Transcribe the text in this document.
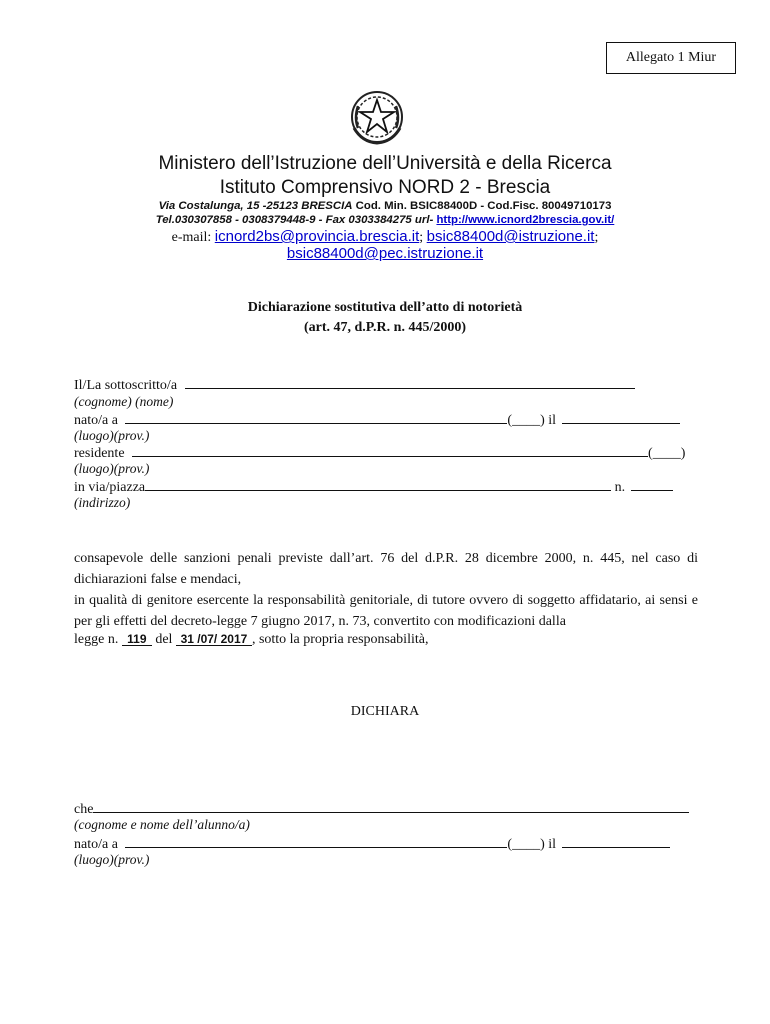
Allegato 1 Miur
Ministero dell’Istruzione dell’Università e della Ricerca
Istituto Comprensivo NORD 2 - Brescia
Via Costalunga, 15 -25123 BRESCIA Cod. Min. BSIC88400D - Cod.Fisc. 80049710173
Tel.030307858 - 0308379448-9 - Fax 0303384275 url- http://www.icnord2brescia.gov.it/
e-mail: icnord2bs@provincia.brescia.it; bsic88400d@istruzione.it;
bsic88400d@pec.istruzione.it
Dichiarazione sostitutiva dell’atto di notorietà
(art. 47, d.P.R. n. 445/2000)
Il/La sottoscritto/a
(cognome) (nome)
nato/a a	(____) il
(luogo)(prov.)
residente	(____)
(luogo)(prov.)
in via/piazza	n.
(indirizzo)
consapevole delle sanzioni penali previste dall’art. 76 del d.P.R. 28 dicembre 2000, n. 445, nel caso di dichiarazioni false e mendaci,
in qualità di genitore esercente la responsabilità genitoriale, di tutore ovvero di soggetto affidatario, ai sensi e per gli effetti del decreto-legge 7 giugno 2017, n. 73, convertito con modificazioni dalla
legge n. 119 del 31 /07/ 2017 , sotto la propria responsabilità,
DICHIARA
che
(cognome e nome dell’alunno/a)
nato/a a	(____) il
(luogo)(prov.)
